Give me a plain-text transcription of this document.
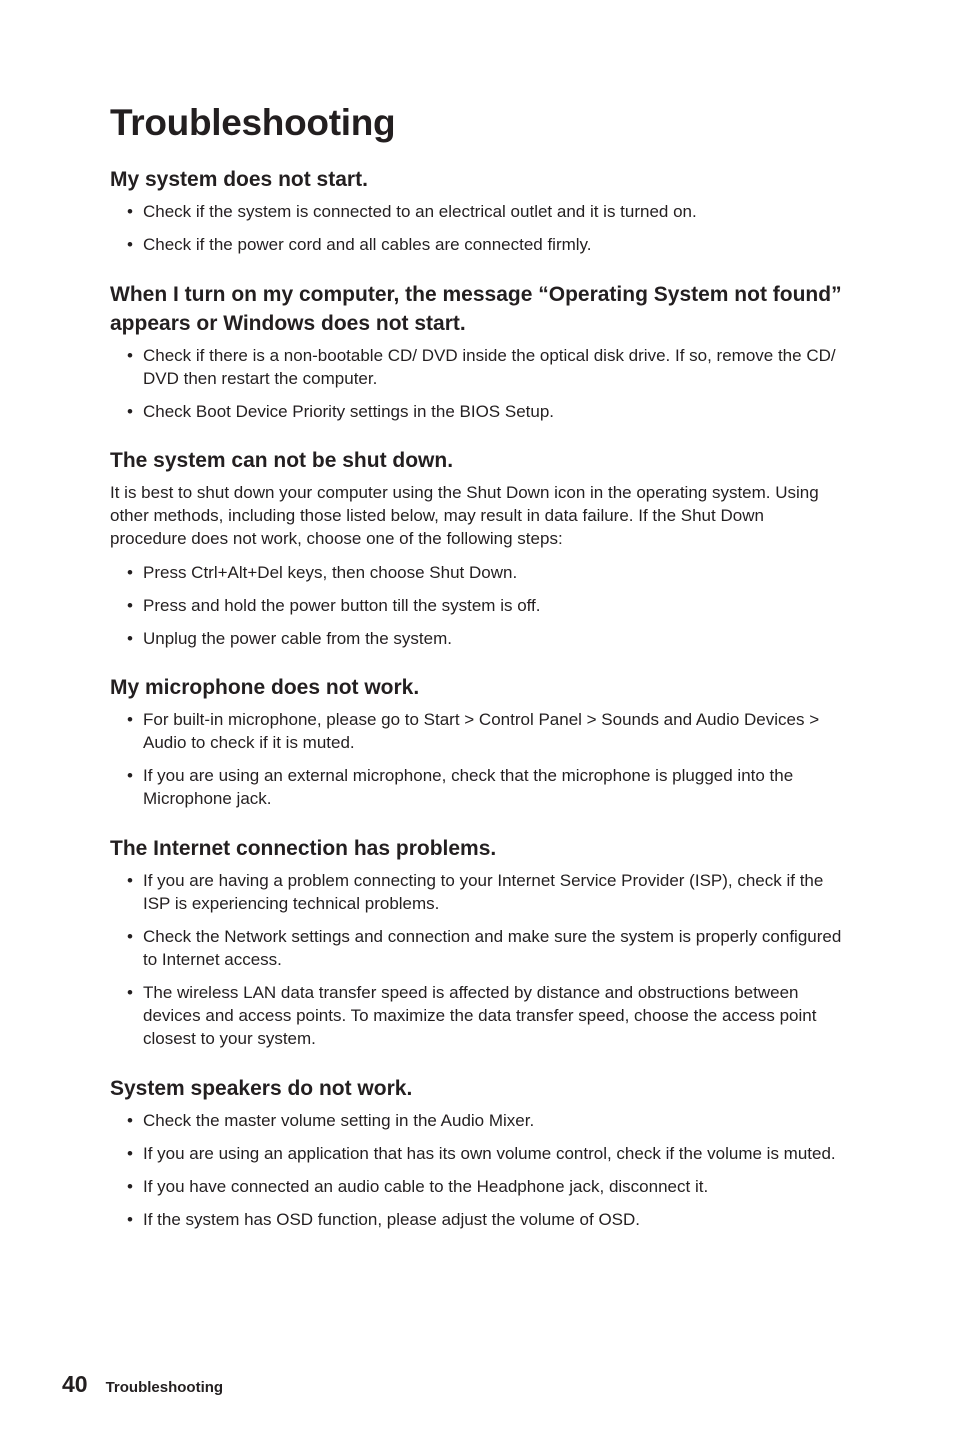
Troubleshooting
My system does not start.
• Check if the system is connected to an electrical outlet and it is turned on.
• Check if the power cord and all cables are connected firmly.
When I turn on my computer, the message “Operating System not found” appears or Windows does not start.
• Check if there is a non-bootable CD/ DVD inside the optical disk drive. If so, remove the CD/ DVD then restart the computer.
• Check Boot Device Priority settings in the BIOS Setup.
The system can not be shut down.

It is best to shut down your computer using the Shut Down icon in the operating system. Using other methods, including those listed below, may result in data failure. If the Shut Down procedure does not work, choose one of the following steps:

• Press Ctrl+Alt+Del keys, then choose Shut Down.
• Press and hold the power button till the system is off.
• Unplug the power cable from the system.
My microphone does not work.
• For built-in microphone, please go to Start > Control Panel > Sounds and Audio Devices > Audio to check if it is muted.
• If you are using an external microphone, check that the microphone is plugged into the Microphone jack.
The Internet connection has problems.
• If you are having a problem connecting to your Internet Service Provider (ISP), check if the ISP is experiencing technical problems.
• Check the Network settings and connection and make sure the system is properly configured to Internet access.
• The wireless LAN data transfer speed is affected by distance and obstructions between devices and access points. To maximize the data transfer speed, choose the access point closest to your system.
System speakers do not work.
• Check the master volume setting in the Audio Mixer.
• If you are using an application that has its own volume control, check if the volume is muted.
• If you have connected an audio cable to the Headphone jack, disconnect it.
• If the system has OSD function, please adjust the volume of OSD.
40 Troubleshooting
